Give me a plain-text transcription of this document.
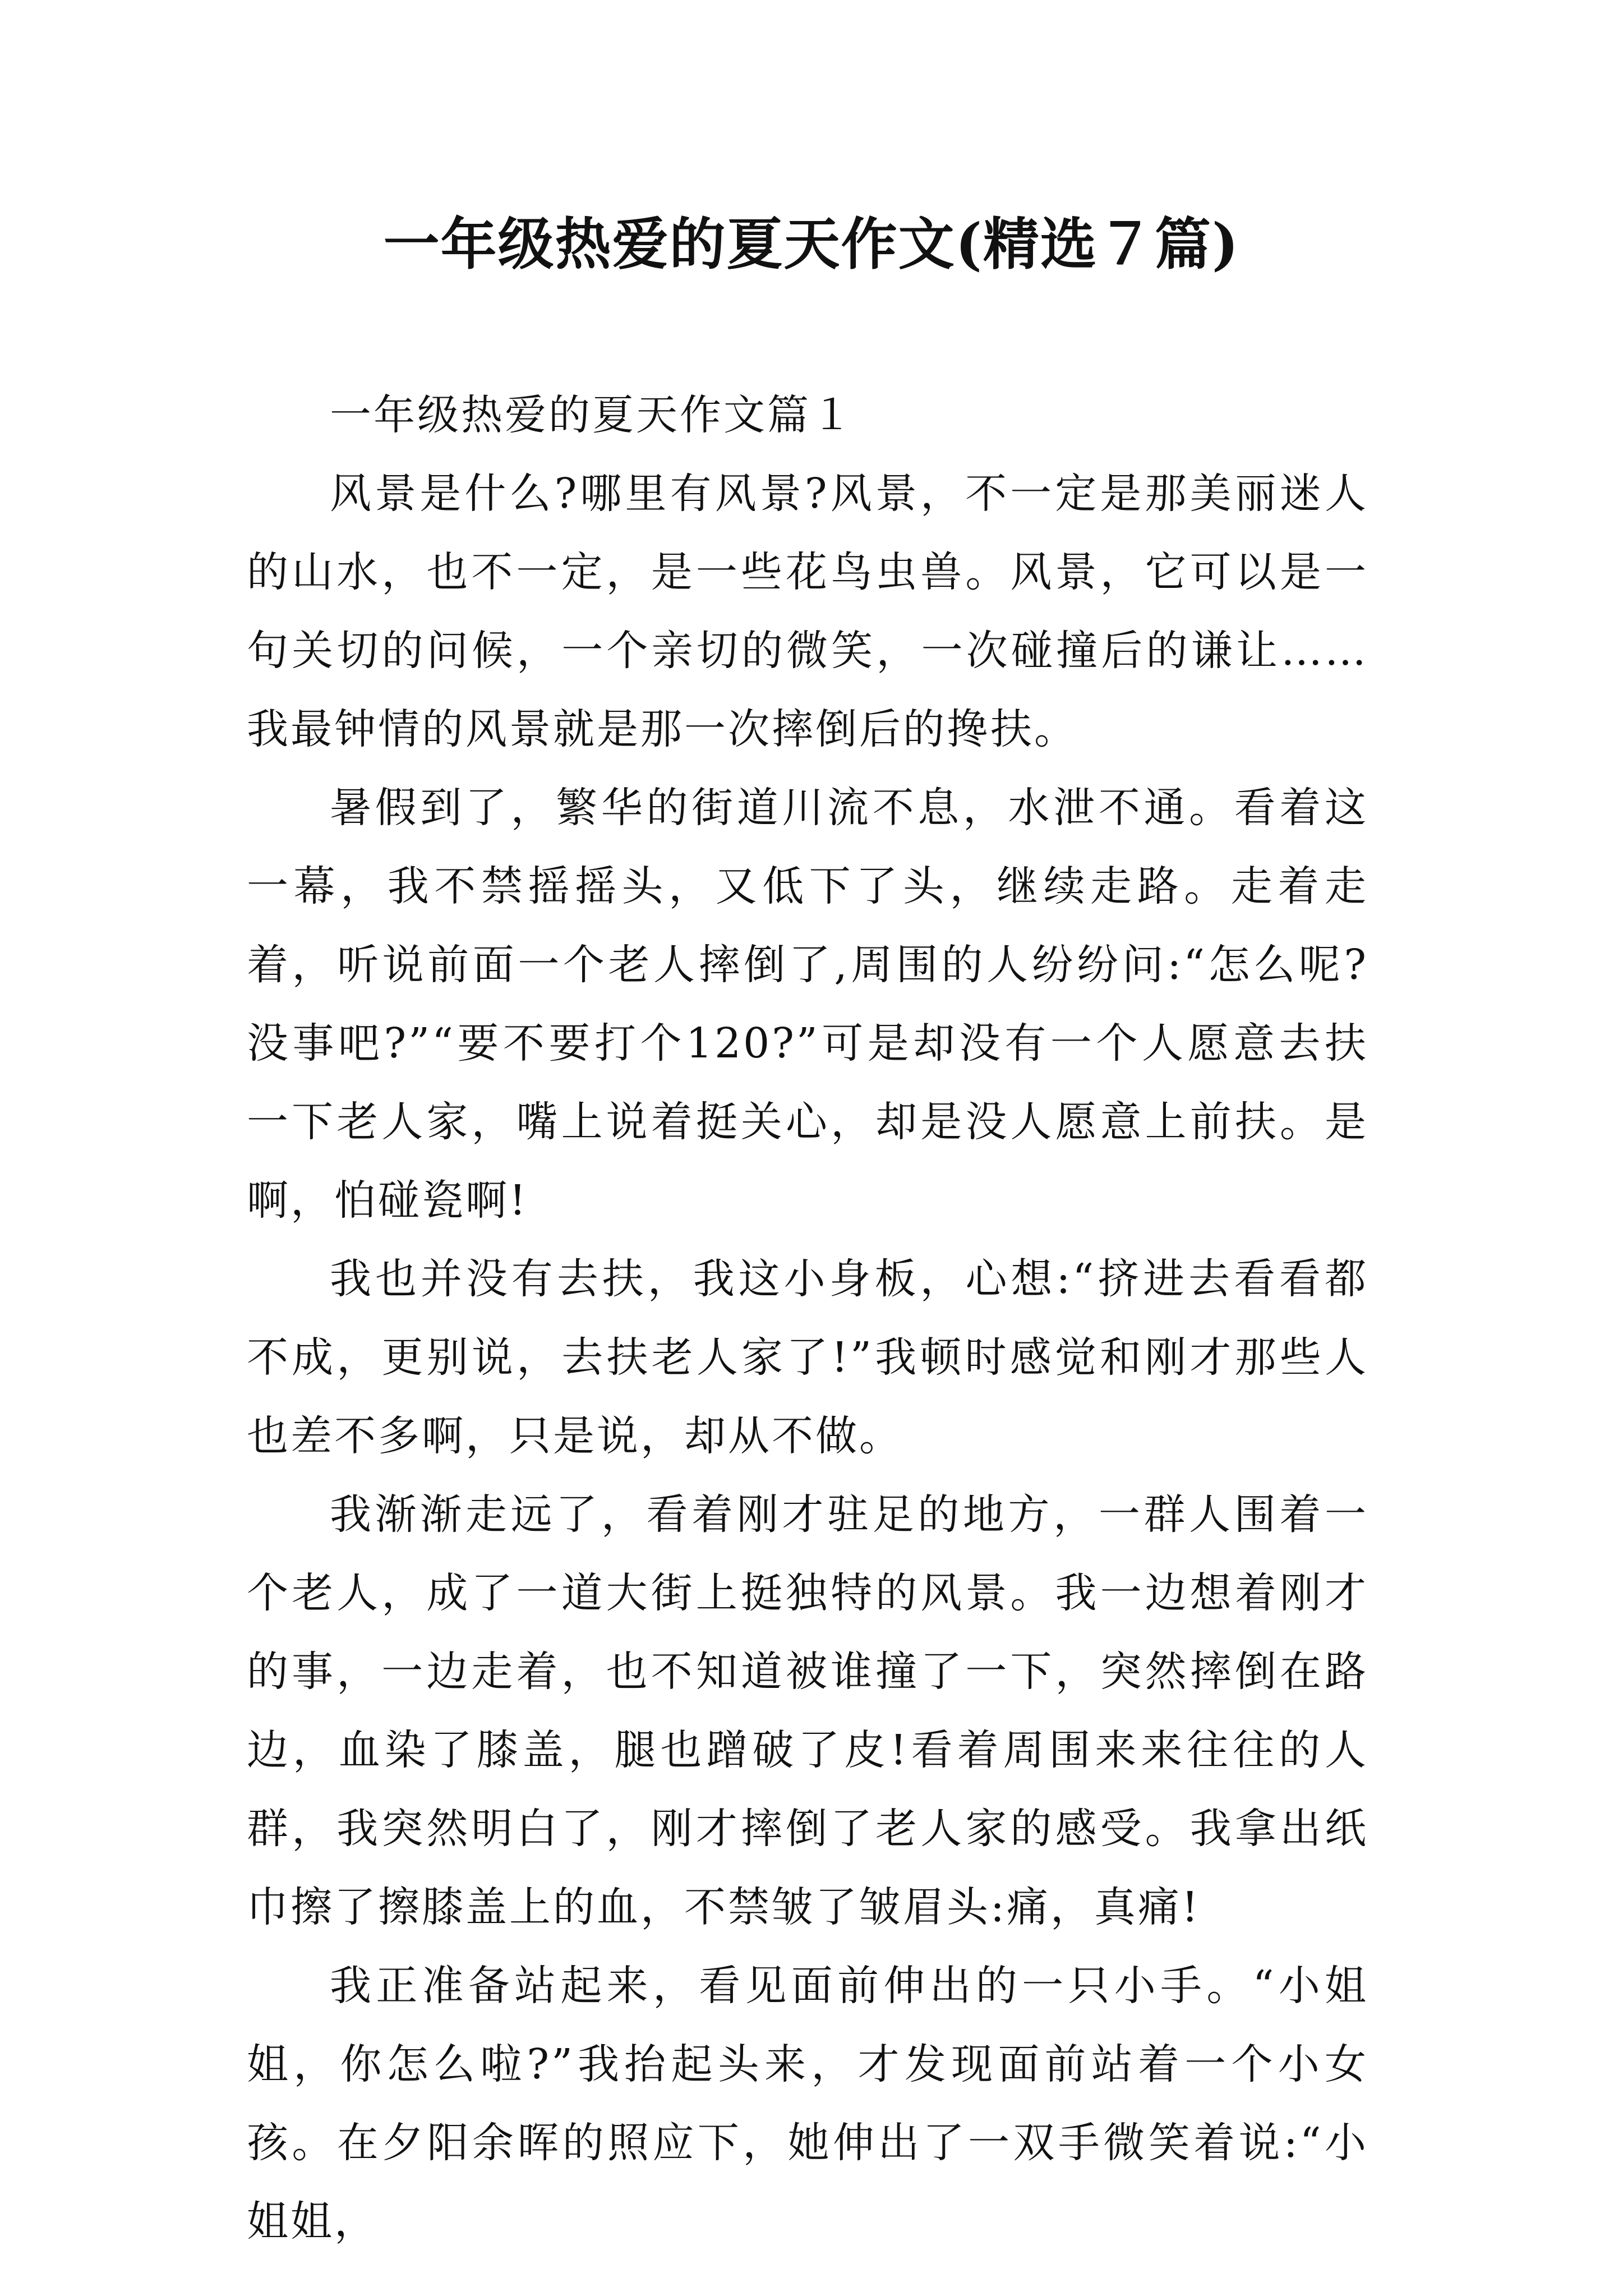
一年级热爱的夏天作文(精选７篇)

一年级热爱的夏天作文篇１

风景是什么?哪里有风景?风景，不一定是那美丽迷人的山水，也不一定，是一些花鸟虫兽。风景，它可以是一句关切的问候，一个亲切的微笑，一次碰撞后的谦让……我最钟情的风景就是那一次摔倒后的搀扶。

暑假到了，繁华的街道川流不息，水泄不通。看着这一幕，我不禁摇摇头，又低下了头，继续走路。走着走着，听说前面一个老人摔倒了,周围的人纷纷问:“怎么呢?没事吧?”“要不要打个120?”可是却没有一个人愿意去扶一下老人家，嘴上说着挺关心，却是没人愿意上前扶。是啊，怕碰瓷啊!

我也并没有去扶，我这小身板，心想:“挤进去看看都不成，更别说，去扶老人家了!”我顿时感觉和刚才那些人也差不多啊，只是说，却从不做。

我渐渐走远了，看着刚才驻足的地方，一群人围着一个老人，成了一道大街上挺独特的风景。我一边想着刚才的事，一边走着，也不知道被谁撞了一下，突然摔倒在路边，血染了膝盖，腿也蹭破了皮!看着周围来来往往的人群，我突然明白了，刚才摔倒了老人家的感受。我拿出纸巾擦了擦膝盖上的血，不禁皱了皱眉头:痛，真痛!

我正准备站起来，看见面前伸出的一只小手。“小姐姐，你怎么啦?”我抬起头来，才发现面前站着一个小女孩。在夕阳余晖的照应下，她伸出了一双手微笑着说:“小姐姐，
